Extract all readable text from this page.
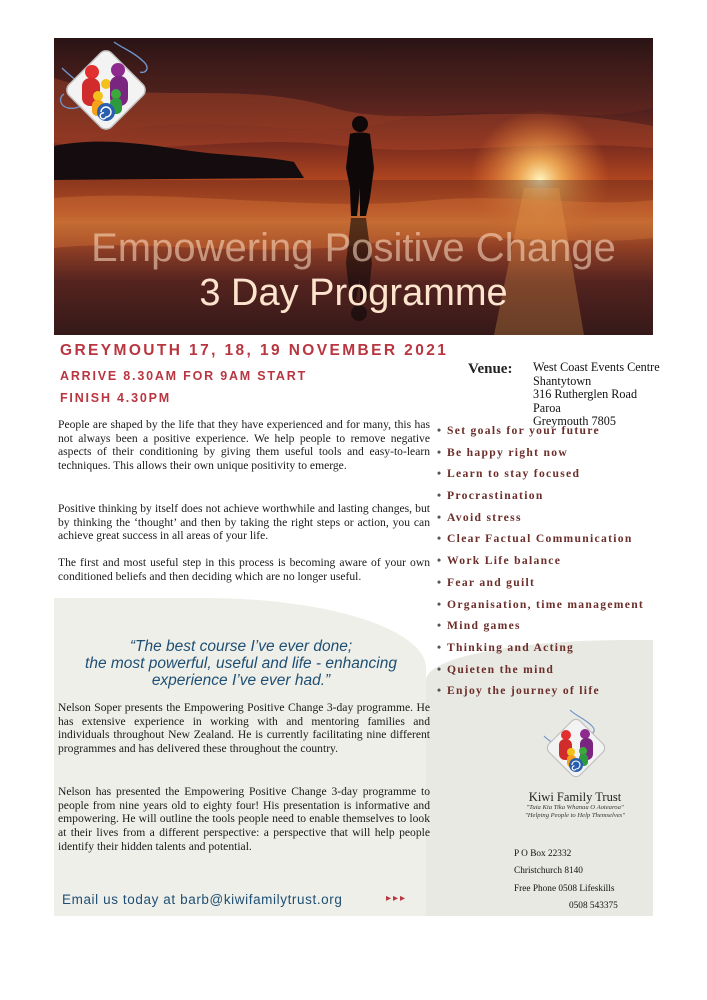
Empowering Positive Change
3 Day Programme
GREYMOUTH 17, 18, 19 NOVEMBER 2021
ARRIVE 8.30AM FOR 9AM START
FINISH 4.30PM
Venue: West Coast Events Centre
Shantytown
316 Rutherglen Road
Paroa
Greymouth 7805
People are shaped by the life that they have experienced and for many, this has not always been a positive experience. We help people to remove negative aspects of their conditioning by giving them useful tools and easy-to-learn techniques. This allows their own unique positivity to emerge.
Positive thinking by itself does not achieve worthwhile and lasting changes, but by thinking the ‘thought’ and then by taking the right steps or action, you can achieve great success in all areas of your life.
The first and most useful step in this process is becoming aware of your own conditioned beliefs and then deciding which are no longer useful.
• Set goals for your future
• Be happy right now
• Learn to stay focused
• Procrastination
• Avoid stress
• Clear Factual Communication
• Work Life balance
• Fear and guilt
• Organisation, time management
• Mind games
• Thinking and Acting
• Quieten the mind
• Enjoy the journey of life
“The best course I’ve ever done;
the most powerful, useful and life - enhancing
experience I’ve ever had.”
Nelson Soper presents the Empowering Positive Change 3-day programme. He has extensive experience in working with and mentoring families and individuals throughout New Zealand. He is currently facilitating nine different programmes and has delivered these throughout the country.
Nelson has presented the Empowering Positive Change 3-day programme to people from nine years old to eighty four! His presentation is informative and empowering. He will outline the tools people need to enable themselves to look at their lives from a different perspective: a perspective that will help people identify their hidden talents and potential.
Kiwi Family Trust
"Tuia Kia Tika Whanau O Aotearoa"
"Helping People to Help Themselves"
P O Box 22332
Christchurch 8140
Free Phone 0508 Lifeskills
0508 543375
Email us today at barb@kiwifamilytrust.org	▸▸▸
